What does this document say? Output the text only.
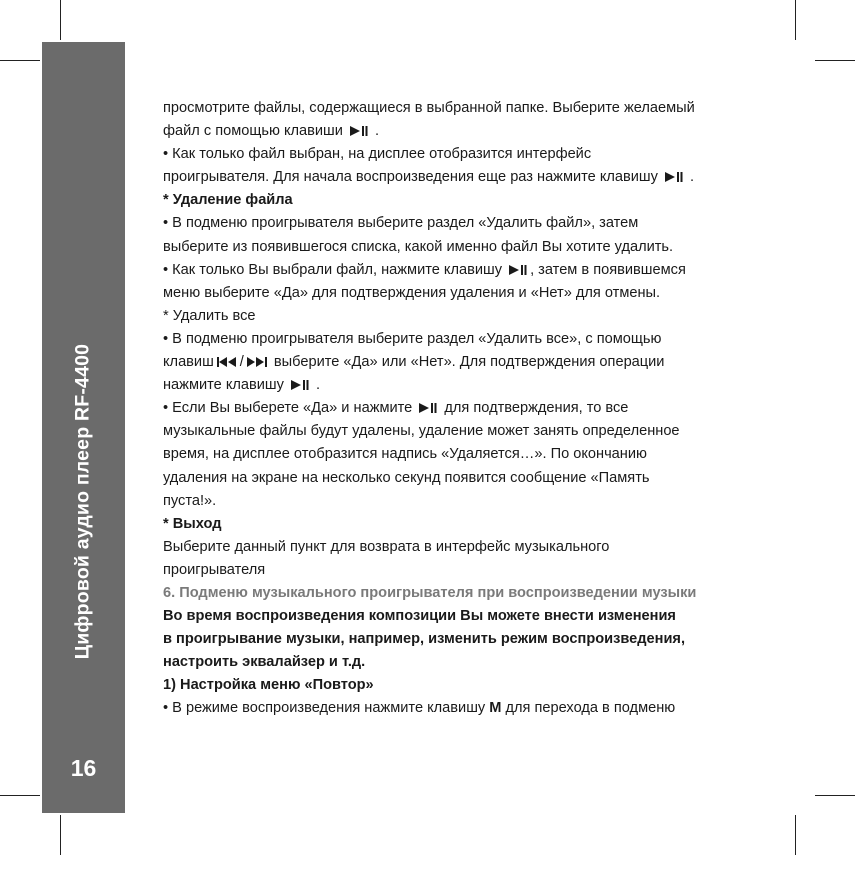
Цифровой аудио плеер RF-4400
16
просмотрите файлы, содержащиеся в выбранной папке. Выберите желаемый
файл с помощью клавиши .
• Как только файл выбран, на дисплее отобразится интерфейс
проигрывателя. Для начала воспроизведения еще раз нажмите клавишу .
* Удаление файла
• В подменю проигрывателя выберите раздел «Удалить файл», затем
выберите из появившегося списка, какой именно файл Вы хотите удалить.
• Как только Вы выбрали файл, нажмите клавишу , затем в появившемся
меню выберите «Да» для подтверждения удаления и «Нет» для отмены.
* Удалить все
• В подменю проигрывателя выберите раздел «Удалить все», с помощью
клавиш / выберите «Да» или «Нет». Для подтверждения операции
нажмите клавишу .
• Если Вы выберете «Да» и нажмите для подтверждения, то все
музыкальные файлы будут удалены, удаление может занять определенное
время, на дисплее отобразится надпись «Удаляется…». По окончанию
удаления на экране на несколько секунд появится сообщение «Память
пуста!».
* Выход
Выберите данный пункт для возврата в интерфейс музыкального
проигрывателя
6. Подменю музыкального проигрывателя при воспроизведении музыки
Во время воспроизведения композиции Вы можете внести изменения
в проигрывание музыки, например, изменить режим воспроизведения,
настроить эквалайзер и т.д.
1) Настройка меню «Повтор»
• В режиме воспроизведения нажмите клавишу M для перехода в подменю
